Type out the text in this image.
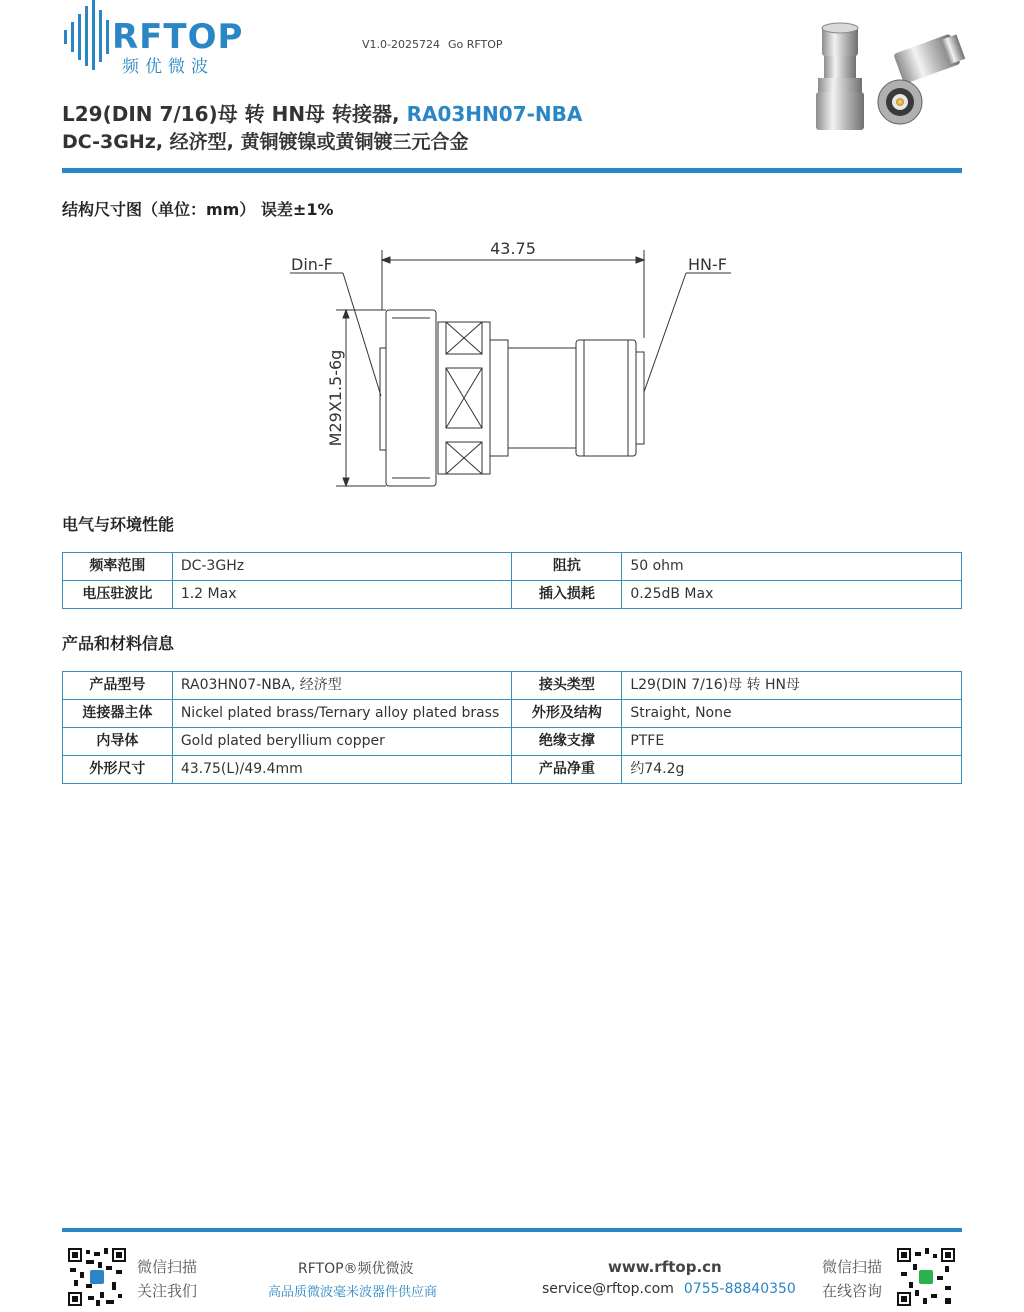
RFTOP
频优微波
V1.0-2025724 Go RFTOP
L29(DIN 7/16)母 转 HN母 转接器, RA03HN07-NBA
DC-3GHz, 经济型, 黄铜镀镍或黄铜镀三元合金
结构尺寸图（单位：mm） 误差±1%
43.75
Din-F	HN-F
M29X1.5-6g
电气与环境性能
频率范围	DC-3GHz	阻抗	50 ohm
电压驻波比	1.2 Max	插入损耗	0.25dB Max
产品和材料信息
产品型号	RA03HN07-NBA, 经济型	接头类型	L29(DIN 7/16)母 转 HN母
连接器主体	Nickel plated brass/Ternary alloy plated brass	外形及结构	Straight, None
内导体	Gold plated beryllium copper	绝缘支撑	PTFE
外形尺寸	43.75(L)/49.4mm	产品净重	约74.2g
微信扫描
关注我们
RFTOP®频优微波
高品质微波毫米波器件供应商
www.rftop.cn
service@rftop.com 0755-88840350
微信扫描
在线咨询
